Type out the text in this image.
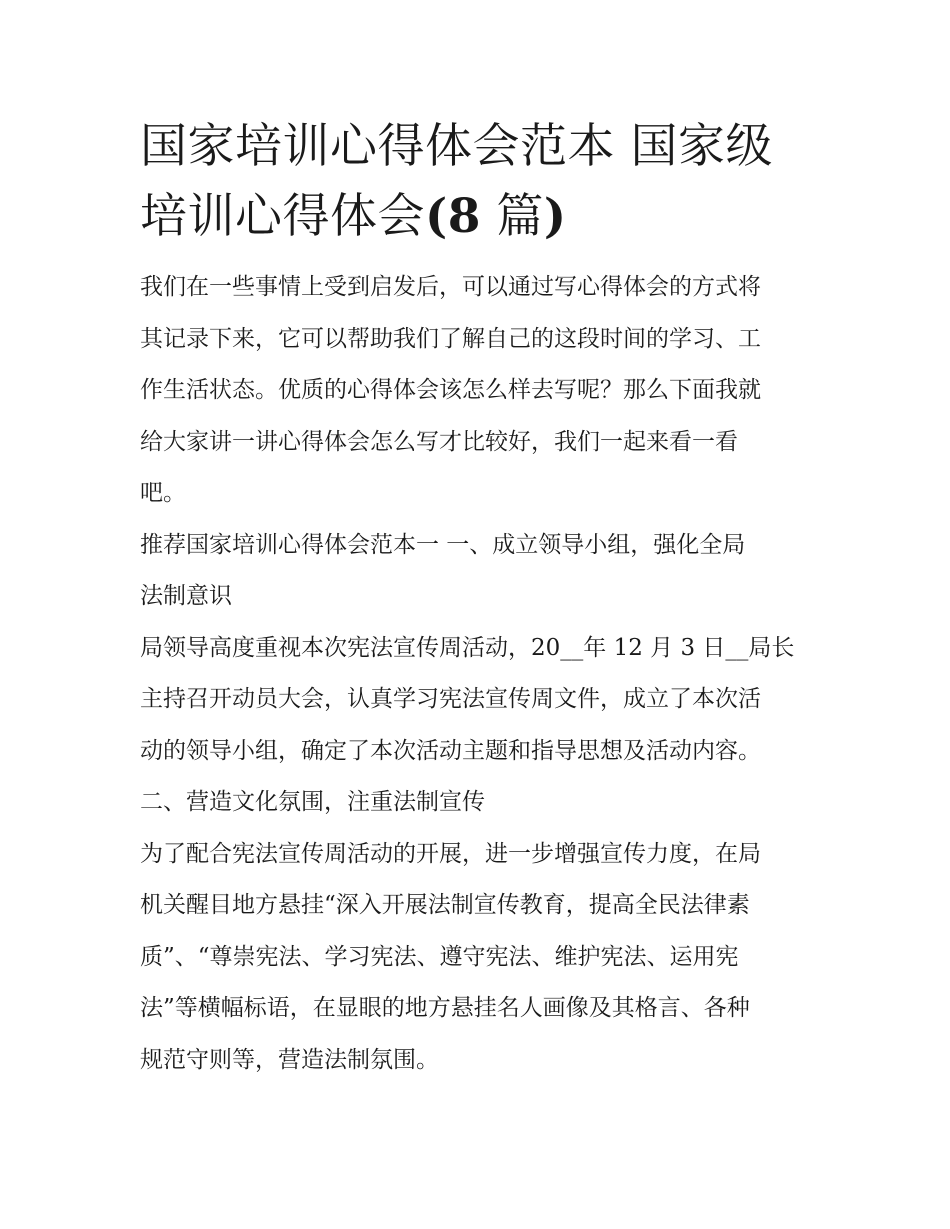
国家培训心得体会范本 国家级
培训心得体会(8 篇)
我们在一些事情上受到启发后，可以通过写心得体会的方式将
其记录下来，它可以帮助我们了解自己的这段时间的学习、工
作生活状态。优质的心得体会该怎么样去写呢？那么下面我就
给大家讲一讲心得体会怎么写才比较好，我们一起来看一看
吧。
推荐国家培训心得体会范本一 一、成立领导小组，强化全局
法制意识
局领导高度重视本次宪法宣传周活动，20__年 12 月 3 日__局长
主持召开动员大会，认真学习宪法宣传周文件，成立了本次活
动的领导小组，确定了本次活动主题和指导思想及活动内容。
二、营造文化氛围，注重法制宣传
为了配合宪法宣传周活动的开展，进一步增强宣传力度，在局
机关醒目地方悬挂“深入开展法制宣传教育，提高全民法律素
质”、“尊崇宪法、学习宪法、遵守宪法、维护宪法、运用宪
法”等横幅标语，在显眼的地方悬挂名人画像及其格言、各种
规范守则等，营造法制氛围。
